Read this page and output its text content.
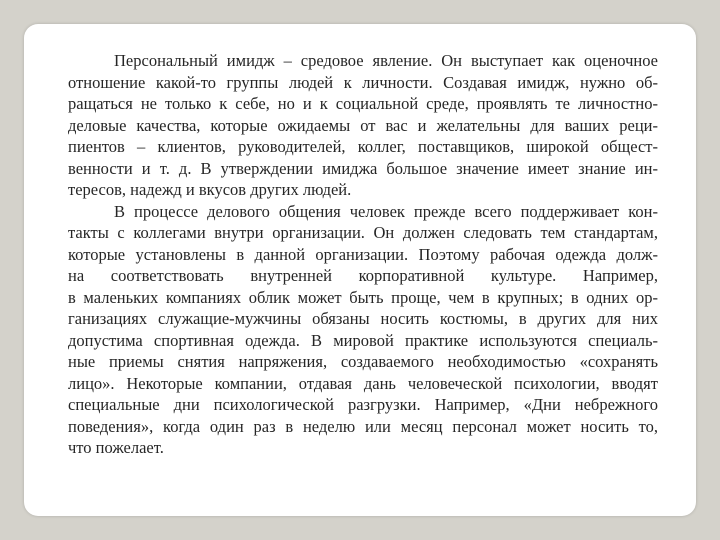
Персональный имидж – средовое явление. Он выступает как оценочное
отношение какой-то группы людей к личности. Создавая имидж, нужно об-
ращаться не только к себе, но и к социальной среде, проявлять те личностно-
деловые качества, которые ожидаемы от вас и желательны для ваших реци-
пиентов – клиентов, руководителей, коллег, поставщиков, широкой общест-
венности и т. д. В утверждении имиджа большое значение имеет знание ин-
тересов, надежд и вкусов других людей.
В процессе делового общения человек прежде всего поддерживает кон-
такты с коллегами внутри организации. Он должен следовать тем стандартам,
которые установлены в данной организации. Поэтому рабочая одежда долж-
на соответствовать внутренней корпоративной культуре. Например,
в маленьких компаниях облик может быть проще, чем в крупных; в одних ор-
ганизациях служащие-мужчины обязаны носить костюмы, в других для них
допустима спортивная одежда. В мировой практике используются специаль-
ные приемы снятия напряжения, создаваемого необходимостью «сохранять
лицо». Некоторые компании, отдавая дань человеческой психологии, вводят
специальные дни психологической разгрузки. Например, «Дни небрежного
поведения», когда один раз в неделю или месяц персонал может носить то,
что пожелает.
